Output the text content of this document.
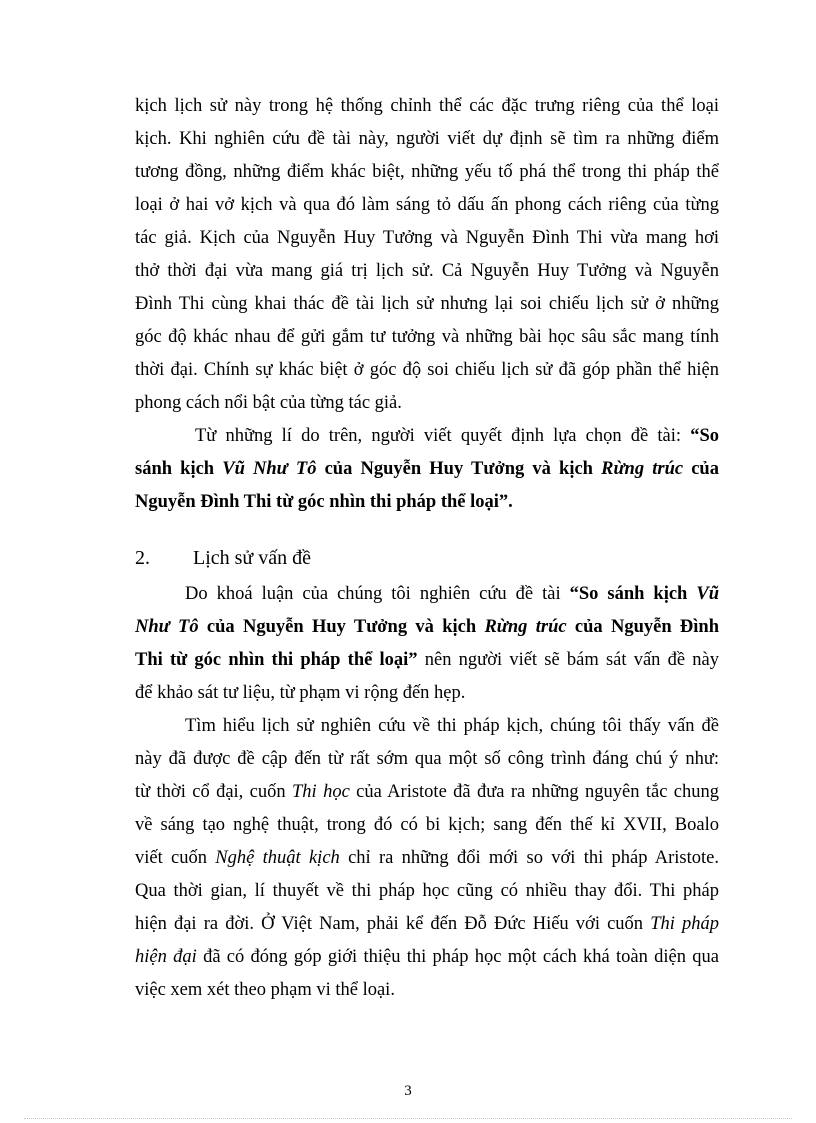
kịch lịch sử này trong hệ thống chỉnh thể các đặc trưng riêng của thể loại
kịch. Khi nghiên cứu đề tài này, người viết dự định sẽ tìm ra những điểm
tương đồng, những điểm khác biệt, những yếu tố phá thể trong thi pháp thể
loại ở hai vở kịch và qua đó làm sáng tỏ dấu ấn phong cách riêng của từng
tác giả. Kịch của Nguyễn Huy Tưởng và Nguyễn Đình Thi vừa mang hơi
thở thời đại vừa mang giá trị lịch sử. Cả Nguyễn Huy Tưởng và Nguyễn
Đình Thi cùng khai thác đề tài lịch sử nhưng lại soi chiếu lịch sử ở những
góc độ khác nhau để gửi gắm tư tưởng và những bài học sâu sắc mang tính
thời đại. Chính sự khác biệt ở góc độ soi chiếu lịch sử đã góp phần thể hiện
phong cách nổi bật của từng tác giả.
Từ những lí do trên, người viết quyết định lựa chọn đề tài: “So
sánh kịch Vũ Như Tô của Nguyễn Huy Tưởng và kịch Rừng trúc của
Nguyễn Đình Thi từ góc nhìn thi pháp thể loại”.
2. Lịch sử vấn đề
Do khoá luận của chúng tôi nghiên cứu đề tài “So sánh kịch Vũ
Như Tô của Nguyễn Huy Tưởng và kịch Rừng trúc của Nguyễn Đình
Thi từ góc nhìn thi pháp thể loại” nên người viết sẽ bám sát vấn đề này
để khảo sát tư liệu, từ phạm vi rộng đến hẹp.
Tìm hiểu lịch sử nghiên cứu về thi pháp kịch, chúng tôi thấy vấn đề
này đã được đề cập đến từ rất sớm qua một số công trình đáng chú ý như:
từ thời cổ đại, cuốn Thi học của Aristote đã đưa ra những nguyên tắc chung
về sáng tạo nghệ thuật, trong đó có bi kịch; sang đến thế kỉ XVII, Boalo
viết cuốn Nghệ thuật kịch chỉ ra những đổi mới so với thi pháp Aristote.
Qua thời gian, lí thuyết về thi pháp học cũng có nhiều thay đổi. Thi pháp
hiện đại ra đời. Ở Việt Nam, phải kể đến Đỗ Đức Hiếu với cuốn Thi pháp
hiện đại đã có đóng góp giới thiệu thi pháp học một cách khá toàn diện qua
việc xem xét theo phạm vi thể loại.
3
